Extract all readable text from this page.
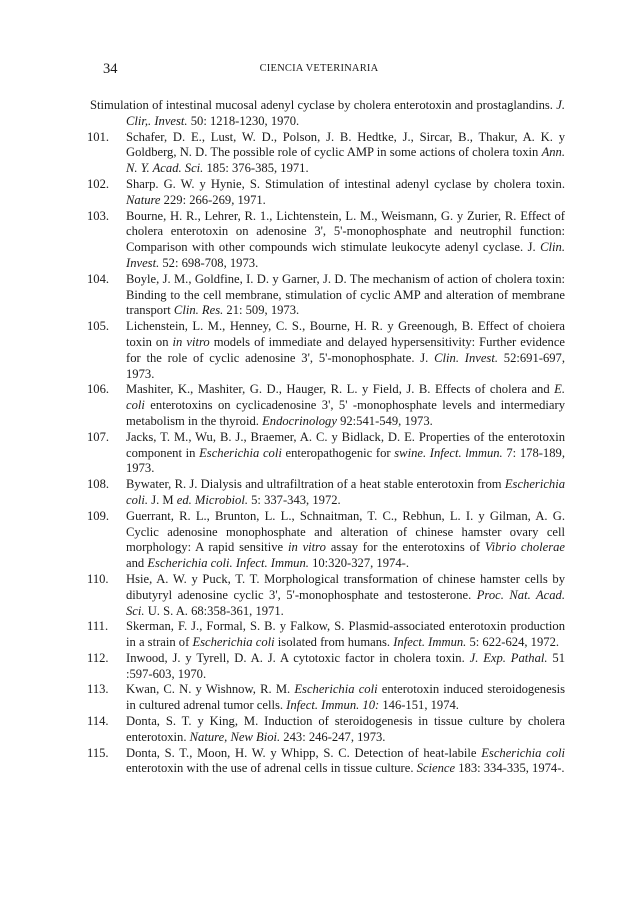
34	CIENCIA VETERINARIA
Stimulation of intestinal mucosal adenyl cyclase by cholera enterotoxin and prostaglandins. J. Clir,. Invest. 50: 1218-1230, 1970.
101. Schafer, D. E., Lust, W. D., Polson, J. B. Hedtke, J., Sircar, B., Thakur, A. K. y Goldberg, N. D. The possible role of cyclic AMP in some actions of cholera toxin Ann. N. Y. Acad. Sci. 185: 376-385, 1971.
102. Sharp. G. W. y Hynie, S. Stimulation of intestinal adenyl cyclase by cholera toxin. Nature 229: 266-269, 1971.
103. Bourne, H. R., Lehrer, R. 1., Lichtenstein, L. M., Weismann, G. y Zurier, R. Effect of cholera enterotoxin on adenosine 3', 5'-monophosphate and neutrophil function: Comparison with other compounds wich stimulate leukocyte adenyl cyclase. J. Clin. Invest. 52: 698-708, 1973.
104. Boyle, J. M., Goldfine, I. D. y Garner, J. D. The mechanism of action of cholera toxin: Binding to the cell membrane, stimulation of cyclic AMP and alteration of membrane transport Clin. Res. 21: 509, 1973.
105. Lichenstein, L. M., Henney, C. S., Bourne, H. R. y Greenough, B. Effect of choiera toxin on in vitro models of immediate and delayed hypersensitivity: Further evidence for the role of cyclic adenosine 3', 5'-monophosphate. J. Clin. Invest. 52:691-697, 1973.
106. Mashiter, K., Mashiter, G. D., Hauger, R. L. y Field, J. B. Effects of cholera and E. coli enterotoxins on cyclicadenosine 3', 5' -monophosphate levels and intermediary metabolism in the thyroid. Endocrinology 92:541-549, 1973.
107. Jacks, T. M., Wu, B. J., Braemer, A. C. y Bidlack, D. E. Properties of the enterotoxin component in Escherichia coli enteropathogenic for swine. Infect. lmmun. 7: 178-189, 1973.
108. Bywater, R. J. Dialysis and ultrafiltration of a heat stable enterotoxin from Escherichia coli. J. M ed. Microbiol. 5: 337-343, 1972.
109. Guerrant, R. L., Brunton, L. L., Schnaitman, T. C., Rebhun, L. I. y Gilman, A. G. Cyclic adenosine monophosphate and alteration of chinese hamster ovary cell morphology: A rapid sensitive in vitro assay for the enterotoxins of Vibrio cholerae and Escherichia coli. Infect. Immun. 10:320-327, 1974-.
110. Hsie, A. W. y Puck, T. T. Morphological transformation of chinese hamster cells by dibutyryl adenosine cyclic 3', 5'-monophosphate and testosterone. Proc. Nat. Acad. Sci. U. S. A. 68:358-361, 1971.
111. Skerman, F. J., Formal, S. B. y Falkow, S. Plasmid-associated enterotoxin production in a strain of Escherichia coli isolated from humans. Infect. Immun. 5: 622-624, 1972.
112. Inwood, J. y Tyrell, D. A. J. A cytotoxic factor in cholera toxin. J. Exp. Pathal. 51 :597-603, 1970.
113. Kwan, C. N. y Wishnow, R. M. Escherichia coli enterotoxin induced steroidogenesis in cultured adrenal tumor cells. Infect. Immun. 10: 146-151, 1974.
114. Donta, S. T. y King, M. Induction of steroidogenesis in tissue culture by cholera enterotoxin. Nature, New Bioi. 243: 246-247, 1973.
115. Donta, S. T., Moon, H. W. y Whipp, S. C. Detection of heat-labile Escherichia coli enterotoxin with the use of adrenal cells in tissue culture. Science 183: 334-335, 1974-.
